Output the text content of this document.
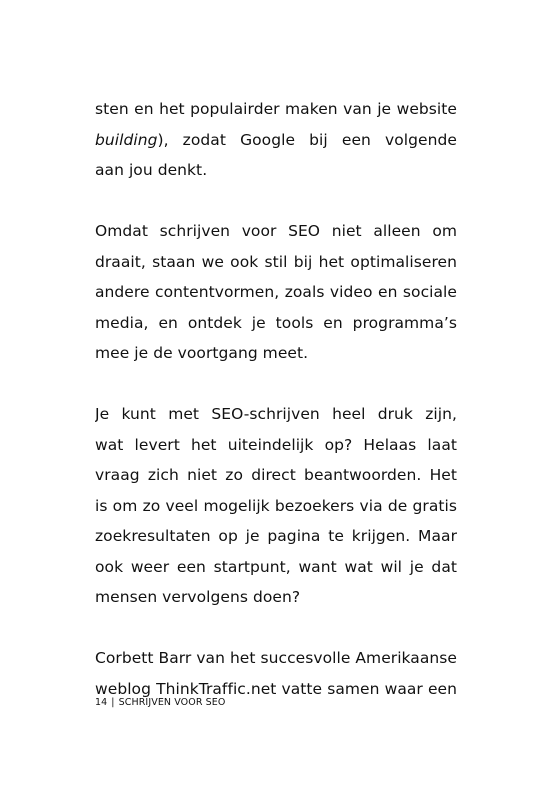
sten en het populairder maken van je website
building), zodat Google bij een volgende
aan jou denkt.
Omdat schrijven voor SEO niet alleen om
draait, staan we ook stil bij het optimaliseren
andere contentvormen, zoals video en sociale
media, en ontdek je tools en programma’s
mee je de voortgang meet.
Je kunt met SEO-schrijven heel druk zijn,
wat levert het uiteindelijk op? Helaas laat
vraag zich niet zo direct beantwoorden. Het
is om zo veel mogelijk bezoekers via de gratis
zoekresultaten op je pagina te krijgen. Maar
ook weer een startpunt, want wat wil je dat
mensen vervolgens doen?
Corbett Barr van het succesvolle Amerikaanse
weblog ThinkTraffic.net vatte samen waar een
14 | SCHRIJVEN VOOR SEO
